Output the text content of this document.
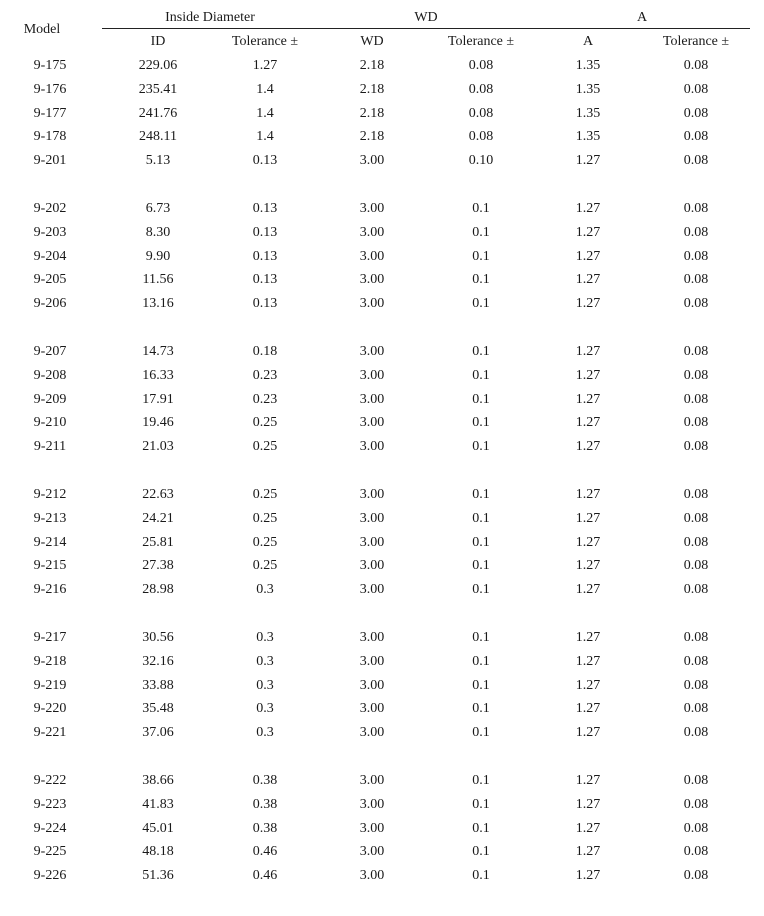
Model
Inside Diameter	WD	A
ID	Tolerance ±	WD	Tolerance ±	A	Tolerance ±
9-175	229.06	1.27	2.18	0.08	1.35	0.08
9-176	235.41	1.4	2.18	0.08	1.35	0.08
9-177	241.76	1.4	2.18	0.08	1.35	0.08
9-178	248.11	1.4	2.18	0.08	1.35	0.08
9-201	5.13	0.13	3.00	0.10	1.27	0.08
9-202	6.73	0.13	3.00	0.1	1.27	0.08
9-203	8.30	0.13	3.00	0.1	1.27	0.08
9-204	9.90	0.13	3.00	0.1	1.27	0.08
9-205	11.56	0.13	3.00	0.1	1.27	0.08
9-206	13.16	0.13	3.00	0.1	1.27	0.08
9-207	14.73	0.18	3.00	0.1	1.27	0.08
9-208	16.33	0.23	3.00	0.1	1.27	0.08
9-209	17.91	0.23	3.00	0.1	1.27	0.08
9-210	19.46	0.25	3.00	0.1	1.27	0.08
9-211	21.03	0.25	3.00	0.1	1.27	0.08
9-212	22.63	0.25	3.00	0.1	1.27	0.08
9-213	24.21	0.25	3.00	0.1	1.27	0.08
9-214	25.81	0.25	3.00	0.1	1.27	0.08
9-215	27.38	0.25	3.00	0.1	1.27	0.08
9-216	28.98	0.3	3.00	0.1	1.27	0.08
9-217	30.56	0.3	3.00	0.1	1.27	0.08
9-218	32.16	0.3	3.00	0.1	1.27	0.08
9-219	33.88	0.3	3.00	0.1	1.27	0.08
9-220	35.48	0.3	3.00	0.1	1.27	0.08
9-221	37.06	0.3	3.00	0.1	1.27	0.08
9-222	38.66	0.38	3.00	0.1	1.27	0.08
9-223	41.83	0.38	3.00	0.1	1.27	0.08
9-224	45.01	0.38	3.00	0.1	1.27	0.08
9-225	48.18	0.46	3.00	0.1	1.27	0.08
9-226	51.36	0.46	3.00	0.1	1.27	0.08
